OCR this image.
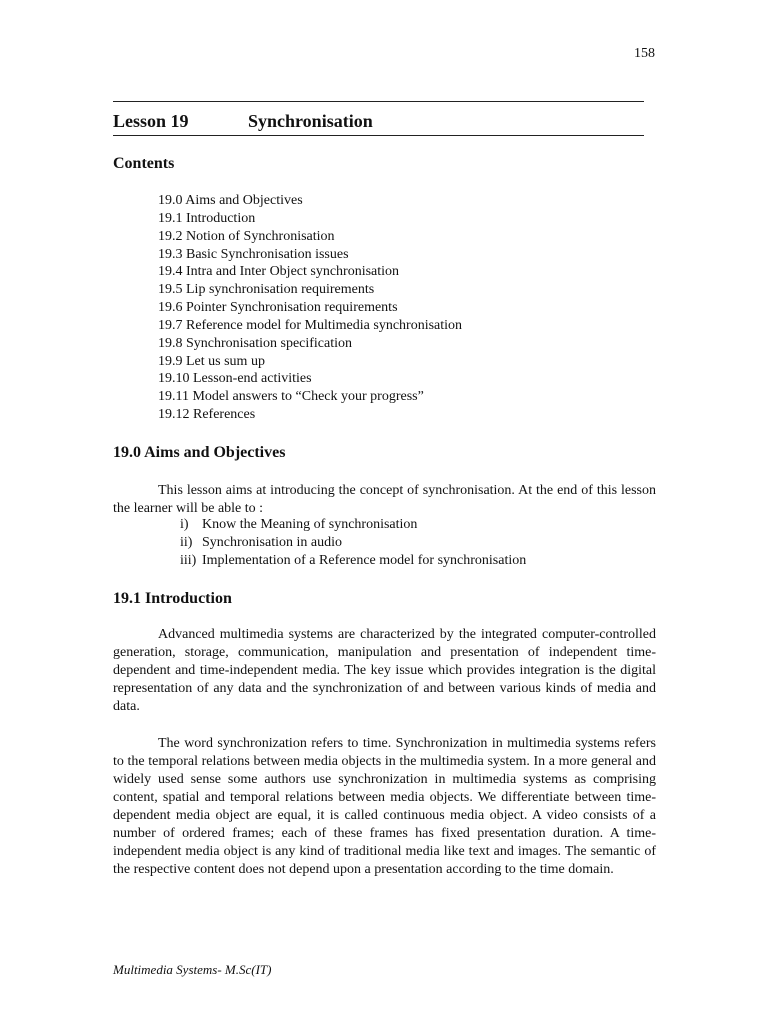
158
Lesson 19	Synchronisation
Contents
19.0 Aims and Objectives
19.1 Introduction
19.2 Notion of Synchronisation
19.3 Basic Synchronisation issues
19.4 Intra and Inter Object synchronisation
19.5 Lip synchronisation requirements
19.6 Pointer Synchronisation requirements
19.7 Reference model for Multimedia synchronisation
19.8 Synchronisation specification
19.9 Let us sum up
19.10 Lesson-end activities
19.11 Model answers to “Check your progress”
19.12 References
19.0 Aims and Objectives

This lesson aims at introducing the concept of synchronisation. At the end of this lesson the learner will be able to :

i) Know the Meaning of synchronisation
ii) Synchronisation in audio
iii) Implementation of a Reference model for synchronisation
19.1 Introduction

Advanced multimedia systems are characterized by the integrated computer-controlled generation, storage, communication, manipulation and presentation of independent time-dependent and time-independent media. The key issue which provides integration is the digital representation of any data and the synchronization of and between various kinds of media and data.

The word synchronization refers to time. Synchronization in multimedia systems refers to the temporal relations between media objects in the multimedia system. In a more general and widely used sense some authors use synchronization in multimedia systems as comprising content, spatial and temporal relations between media objects. We differentiate between time-dependent media object are equal, it is called continuous media object. A video consists of a number of ordered frames; each of these frames has fixed presentation duration. A time-independent media object is any kind of traditional media like text and images. The semantic of the respective content does not depend upon a presentation according to the time domain.

Multimedia Systems- M.Sc(IT)
